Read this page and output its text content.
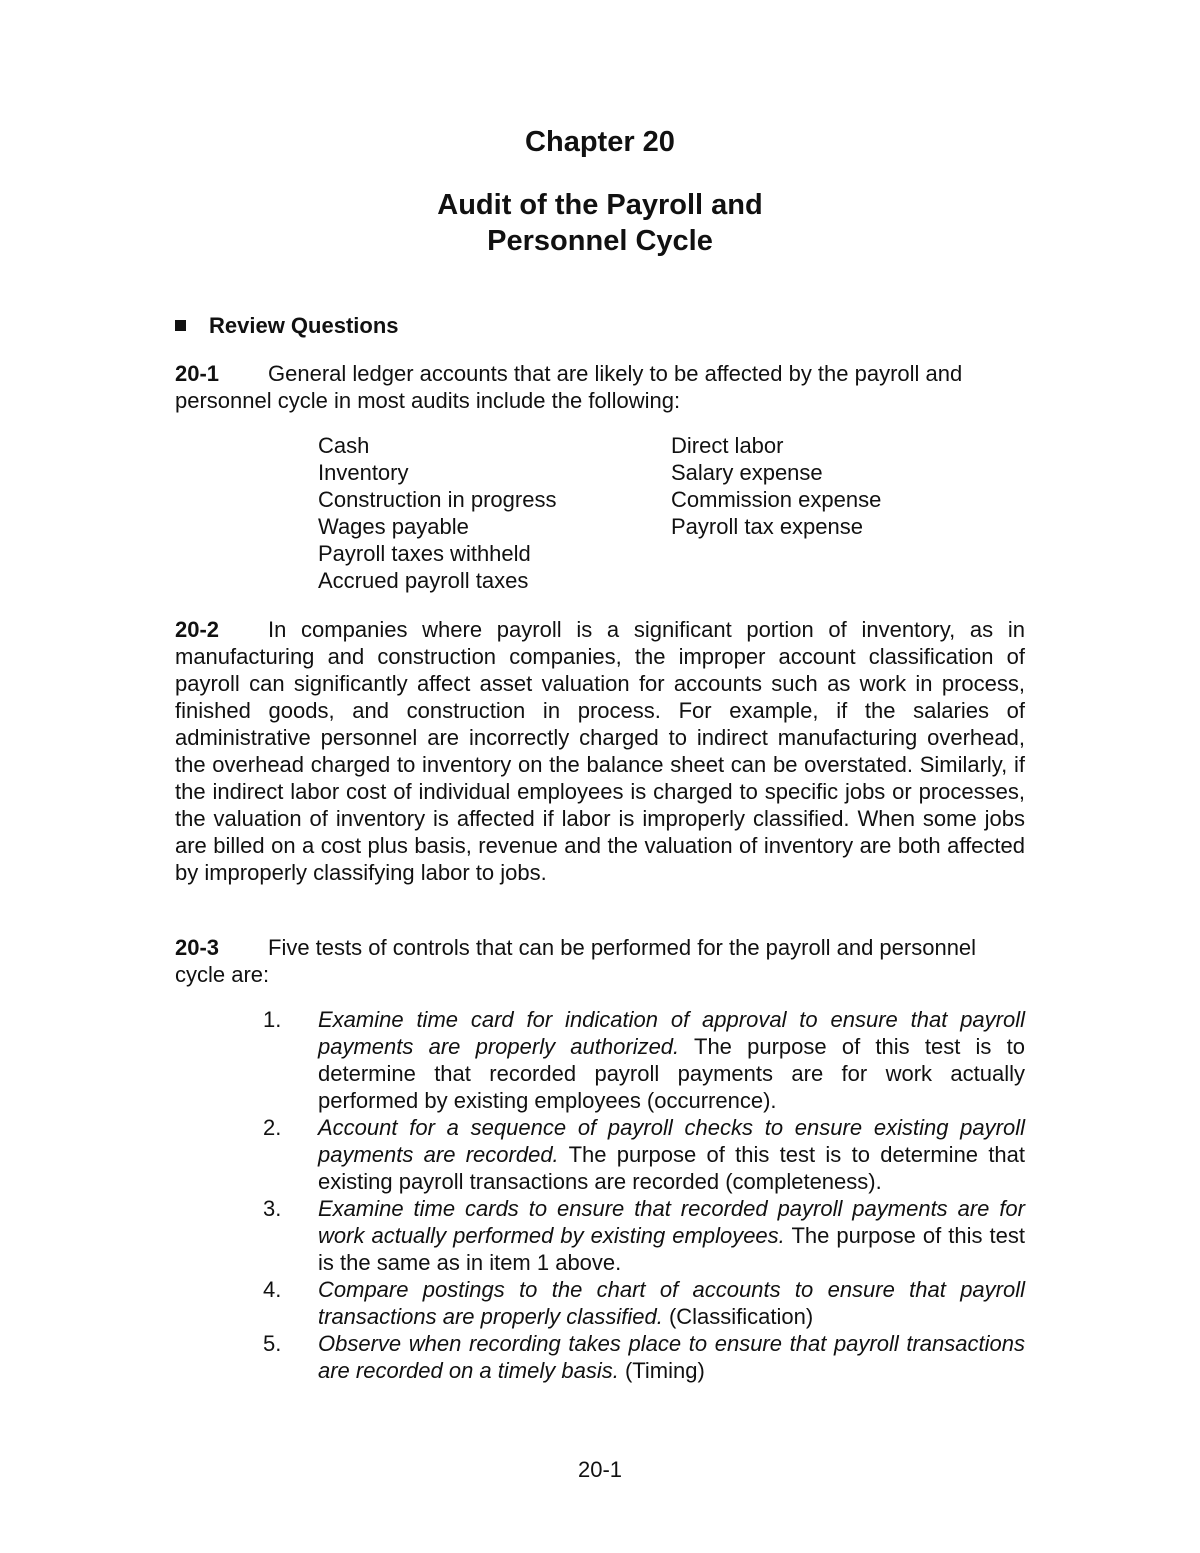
Chapter 20
Audit of the Payroll and
Personnel Cycle
Review Questions

20-1 General ledger accounts that are likely to be affected by the payroll and personnel cycle in most audits include the following:

Cash
Inventory
Construction in progress
Wages payable
Payroll taxes withheld
Accrued payroll taxes
Direct labor
Salary expense
Commission expense
Payroll tax expense

20-2 In companies where payroll is a significant portion of inventory, as in manufacturing and construction companies, the improper account classification of payroll can significantly affect asset valuation for accounts such as work in process, finished goods, and construction in process. For example, if the salaries of administrative personnel are incorrectly charged to indirect manufacturing overhead, the overhead charged to inventory on the balance sheet can be overstated. Similarly, if the indirect labor cost of individual employees is charged to specific jobs or processes, the valuation of inventory is affected if labor is improperly classified. When some jobs are billed on a cost plus basis, revenue and the valuation of inventory are both affected by improperly classifying labor to jobs.

20-3 Five tests of controls that can be performed for the payroll and personnel cycle are:

1. Examine time card for indication of approval to ensure that payroll payments are properly authorized. The purpose of this test is to determine that recorded payroll payments are for work actually performed by existing employees (occurrence).
2. Account for a sequence of payroll checks to ensure existing payroll payments are recorded. The purpose of this test is to determine that existing payroll transactions are recorded (completeness).
3. Examine time cards to ensure that recorded payroll payments are for work actually performed by existing employees. The purpose of this test is the same as in item 1 above.
4. Compare postings to the chart of accounts to ensure that payroll transactions are properly classified. (Classification)
5. Observe when recording takes place to ensure that payroll transactions are recorded on a timely basis. (Timing)

20-1
